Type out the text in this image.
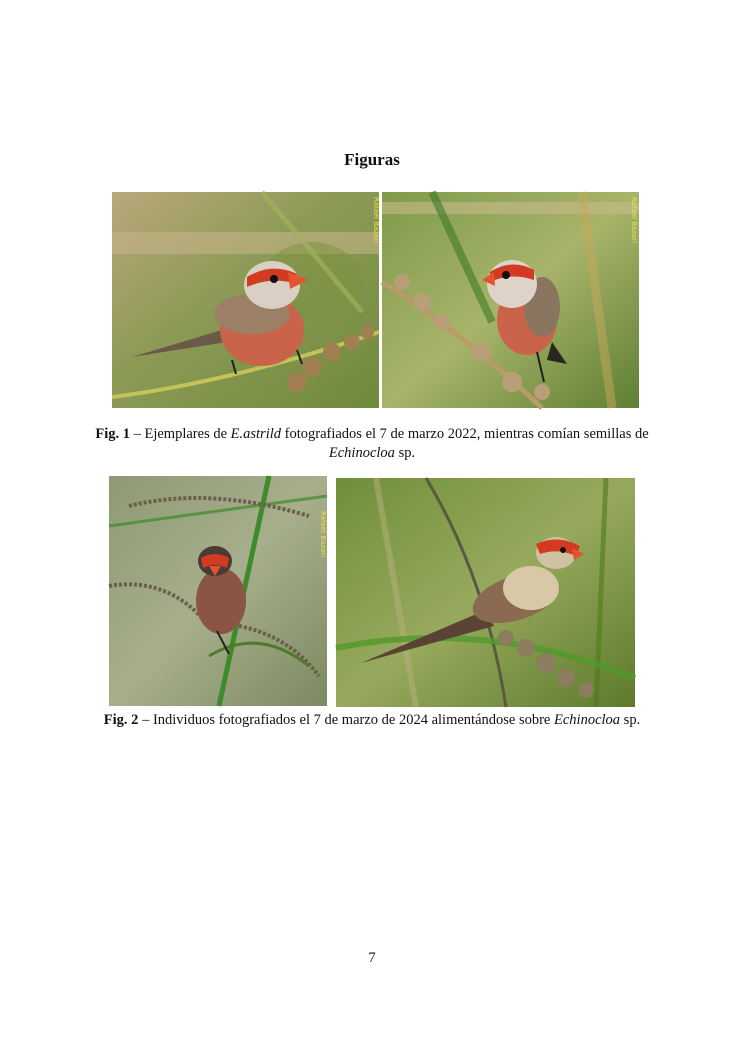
Figuras
Rafael Bazarí	Rafael Bazarí
Fig. 1 – Ejemplares de E.astrild fotografiados el 7 de marzo 2022, mientras comían semillas de Echinocloa sp.
Rafael Bazarí
Fig. 2 – Individuos fotografiados el 7 de marzo de 2024 alimentándose sobre Echinocloa sp.
7
